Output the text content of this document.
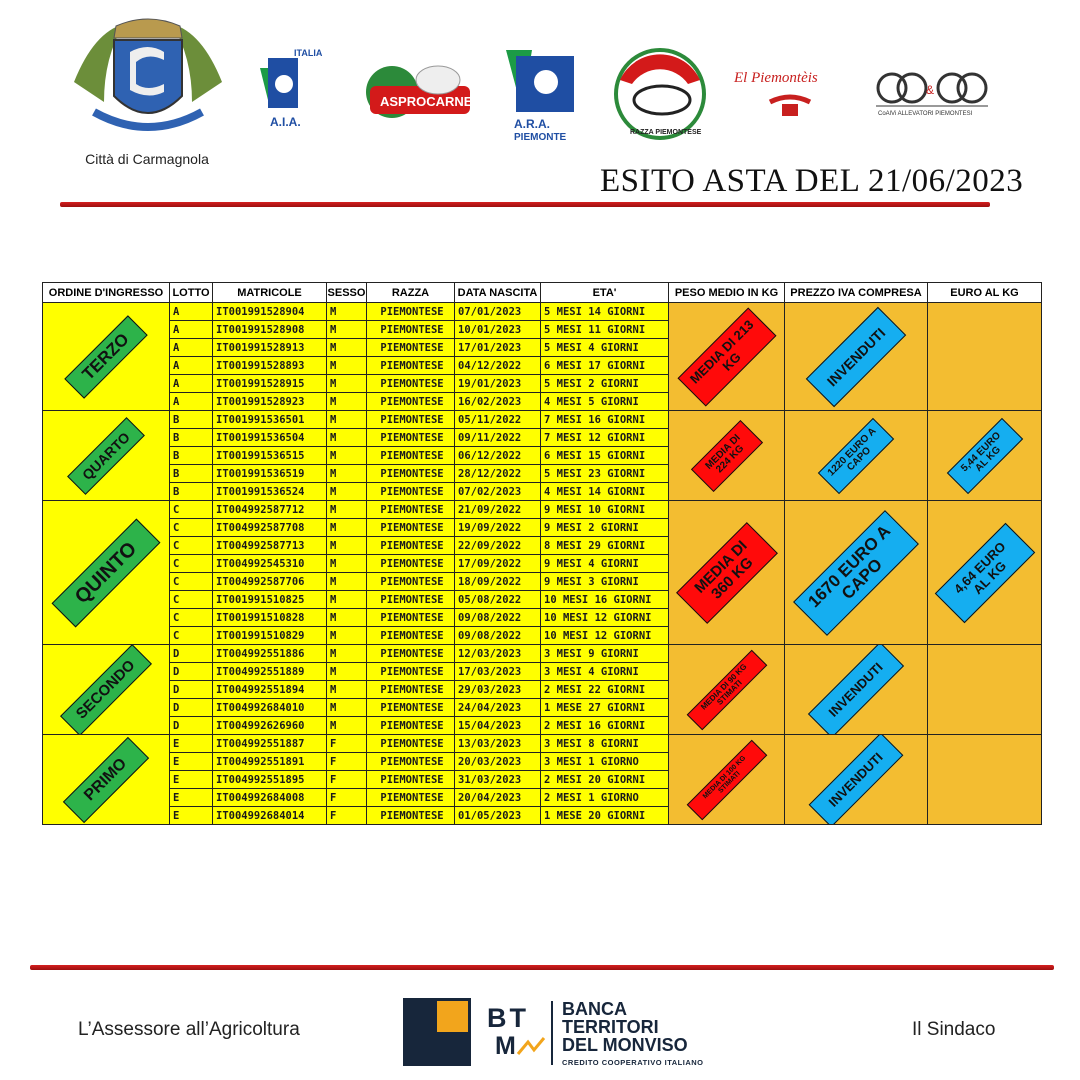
Città di Carmagnola
ITALIA
A.I.A.
ASPROCARNE
A.R.A.
PIEMONTE	RAZZA PIEMONTESE
El Piemontèis
&
CoAlVi ALLEVATORI PIEMONTESI
ESITO ASTA DEL 21/06/2023
ORDINE D'INGRESSO	LOTTO	MATRICOLE	SESSO	RAZZA	DATA NASCITA	ETA'	PESO MEDIO IN KG	PREZZO IVA COMPRESA	EURO AL KG

TERZO	A	IT001991528904	M	PIEMONTESE	07/01/2023	5 MESI 14 GIORNI	MEDIA DI 213 KG	INVENDUTI	

	A	IT001991528908	M	PIEMONTESE	10/01/2023	5 MESI 11 GIORNI			
	A	IT001991528913	M	PIEMONTESE	17/01/2023	5 MESI 4 GIORNI			
	A	IT001991528893	M	PIEMONTESE	04/12/2022	6 MESI 17 GIORNI			
	A	IT001991528915	M	PIEMONTESE	19/01/2023	5 MESI 2 GIORNI			
	A	IT001991528923	M	PIEMONTESE	16/02/2023	4 MESI 5 GIORNI			

QUARTO	B	IT001991536501	M	PIEMONTESE	05/11/2022	7 MESI 16 GIORNI	MEDIA DI 224 KG	1220 EURO A CAPO	5,44 EURO AL KG

	B	IT001991536504	M	PIEMONTESE	09/11/2022	7 MESI 12 GIORNI			
	B	IT001991536515	M	PIEMONTESE	06/12/2022	6 MESI 15 GIORNI			
	B	IT001991536519	M	PIEMONTESE	28/12/2022	5 MESI 23 GIORNI			
	B	IT001991536524	M	PIEMONTESE	07/02/2023	4 MESI 14 GIORNI			

QUINTO	C	IT004992587712	M	PIEMONTESE	21/09/2022	9 MESI 10 GIORNI	MEDIA DI 360 KG	1670 EURO A CAPO	4,64 EURO AL KG

	C	IT004992587708	M	PIEMONTESE	19/09/2022	9 MESI 2 GIORNI			
	C	IT004992587713	M	PIEMONTESE	22/09/2022	8 MESI 29 GIORNI			
	C	IT004992545310	M	PIEMONTESE	17/09/2022	9 MESI 4 GIORNI			
	C	IT004992587706	M	PIEMONTESE	18/09/2022	9 MESI 3 GIORNI			
	C	IT001991510825	M	PIEMONTESE	05/08/2022	10 MESI 16 GIORNI			
	C	IT001991510828	M	PIEMONTESE	09/08/2022	10 MESI 12 GIORNI			
	C	IT001991510829	M	PIEMONTESE	09/08/2022	10 MESI 12 GIORNI			

SECONDO	D	IT004992551886	M	PIEMONTESE	12/03/2023	3 MESI 9 GIORNI	MEDIA DI 90 KG STIMATI	INVENDUTI	

	D	IT004992551889	M	PIEMONTESE	17/03/2023	3 MESI 4 GIORNI			
	D	IT004992551894	M	PIEMONTESE	29/03/2023	2 MESI 22 GIORNI			
	D	IT004992684010	M	PIEMONTESE	24/04/2023	1 MESE 27 GIORNI			
	D	IT004992626960	M	PIEMONTESE	15/04/2023	2 MESI 16 GIORNI			

PRIMO	E	IT004992551887	F	PIEMONTESE	13/03/2023	3 MESI 8 GIORNI	MEDIA DI 100 KG STIMATI	INVENDUTI	

	E	IT004992551891	F	PIEMONTESE	20/03/2023	3 MESI 1 GIORNO			
	E	IT004992551895	F	PIEMONTESE	31/03/2023	2 MESI 20 GIORNI			
	E	IT004992684008	F	PIEMONTESE	20/04/2023	2 MESI 1 GIORNO			
	E	IT004992684014	F	PIEMONTESE	01/05/2023	1 MESE 20 GIORNI			
L’Assessore all’Agricoltura	Il Sindaco
BT
M
BANCA
TERRITORI
DEL MONVISO
CREDITO COOPERATIVO ITALIANO
